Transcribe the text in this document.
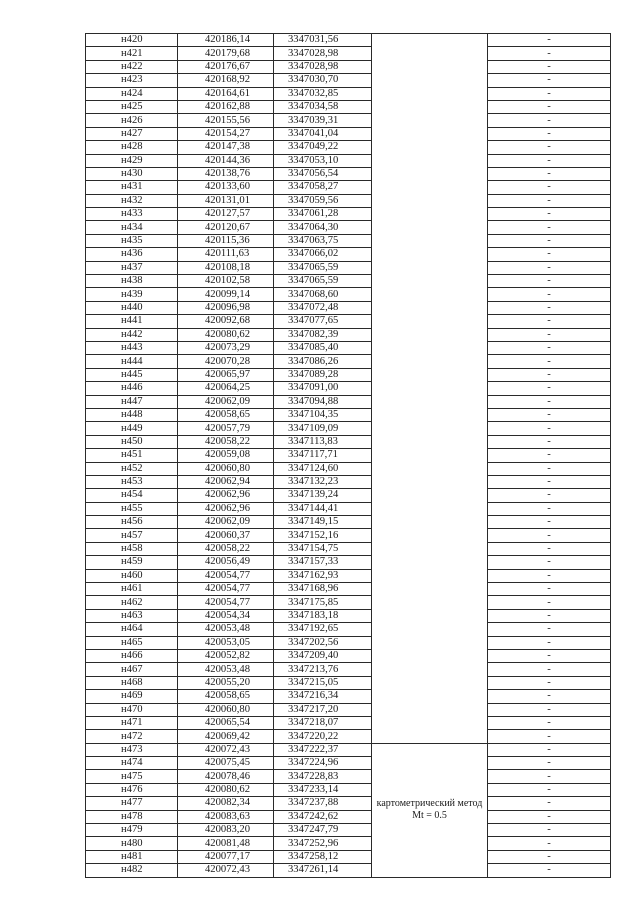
н420	420186,14	3347031,56		-
н421	420179,68	3347028,98		-
н422	420176,67	3347028,98		-
н423	420168,92	3347030,70		-
н424	420164,61	3347032,85		-
н425	420162,88	3347034,58		-
н426	420155,56	3347039,31		-
н427	420154,27	3347041,04		-
н428	420147,38	3347049,22		-
н429	420144,36	3347053,10		-
н430	420138,76	3347056,54		-
н431	420133,60	3347058,27		-
н432	420131,01	3347059,56		-
н433	420127,57	3347061,28		-
н434	420120,67	3347064,30		-
н435	420115,36	3347063,75		-
н436	420111,63	3347066,02		-
н437	420108,18	3347065,59		-
н438	420102,58	3347065,59		-
н439	420099,14	3347068,60		-
н440	420096,98	3347072,48		-
н441	420092,68	3347077,65		-
н442	420080,62	3347082,39		-
н443	420073,29	3347085,40		-
н444	420070,28	3347086,26		-
н445	420065,97	3347089,28		-
н446	420064,25	3347091,00		-
н447	420062,09	3347094,88		-
н448	420058,65	3347104,35		-
н449	420057,79	3347109,09		-
н450	420058,22	3347113,83		-
н451	420059,08	3347117,71		-
н452	420060,80	3347124,60		-
н453	420062,94	3347132,23		-
н454	420062,96	3347139,24		-
н455	420062,96	3347144,41		-
н456	420062,09	3347149,15		-
н457	420060,37	3347152,16		-
н458	420058,22	3347154,75		-
н459	420056,49	3347157,33		-
н460	420054,77	3347162,93		-
н461	420054,77	3347168,96		-
н462	420054,77	3347175,85		-
н463	420054,34	3347183,18		-
н464	420053,48	3347192,65		-
н465	420053,05	3347202,56		-
н466	420052,82	3347209,40		-
н467	420053,48	3347213,76		-
н468	420055,20	3347215,05		-
н469	420058,65	3347216,34		-
н470	420060,80	3347217,20		-
н471	420065,54	3347218,07		-
н472	420069,42	3347220,22		-
н473	420072,43	3347222,37	картометрический метод Mt = 0.5	-
н474	420075,45	3347224,96		-
н475	420078,46	3347228,83		-
н476	420080,62	3347233,14		-
н477	420082,34	3347237,88		-
н478	420083,63	3347242,62		-
н479	420083,20	3347247,79		-
н480	420081,48	3347252,96		-
н481	420077,17	3347258,12		-
н482	420072,43	3347261,14		-
